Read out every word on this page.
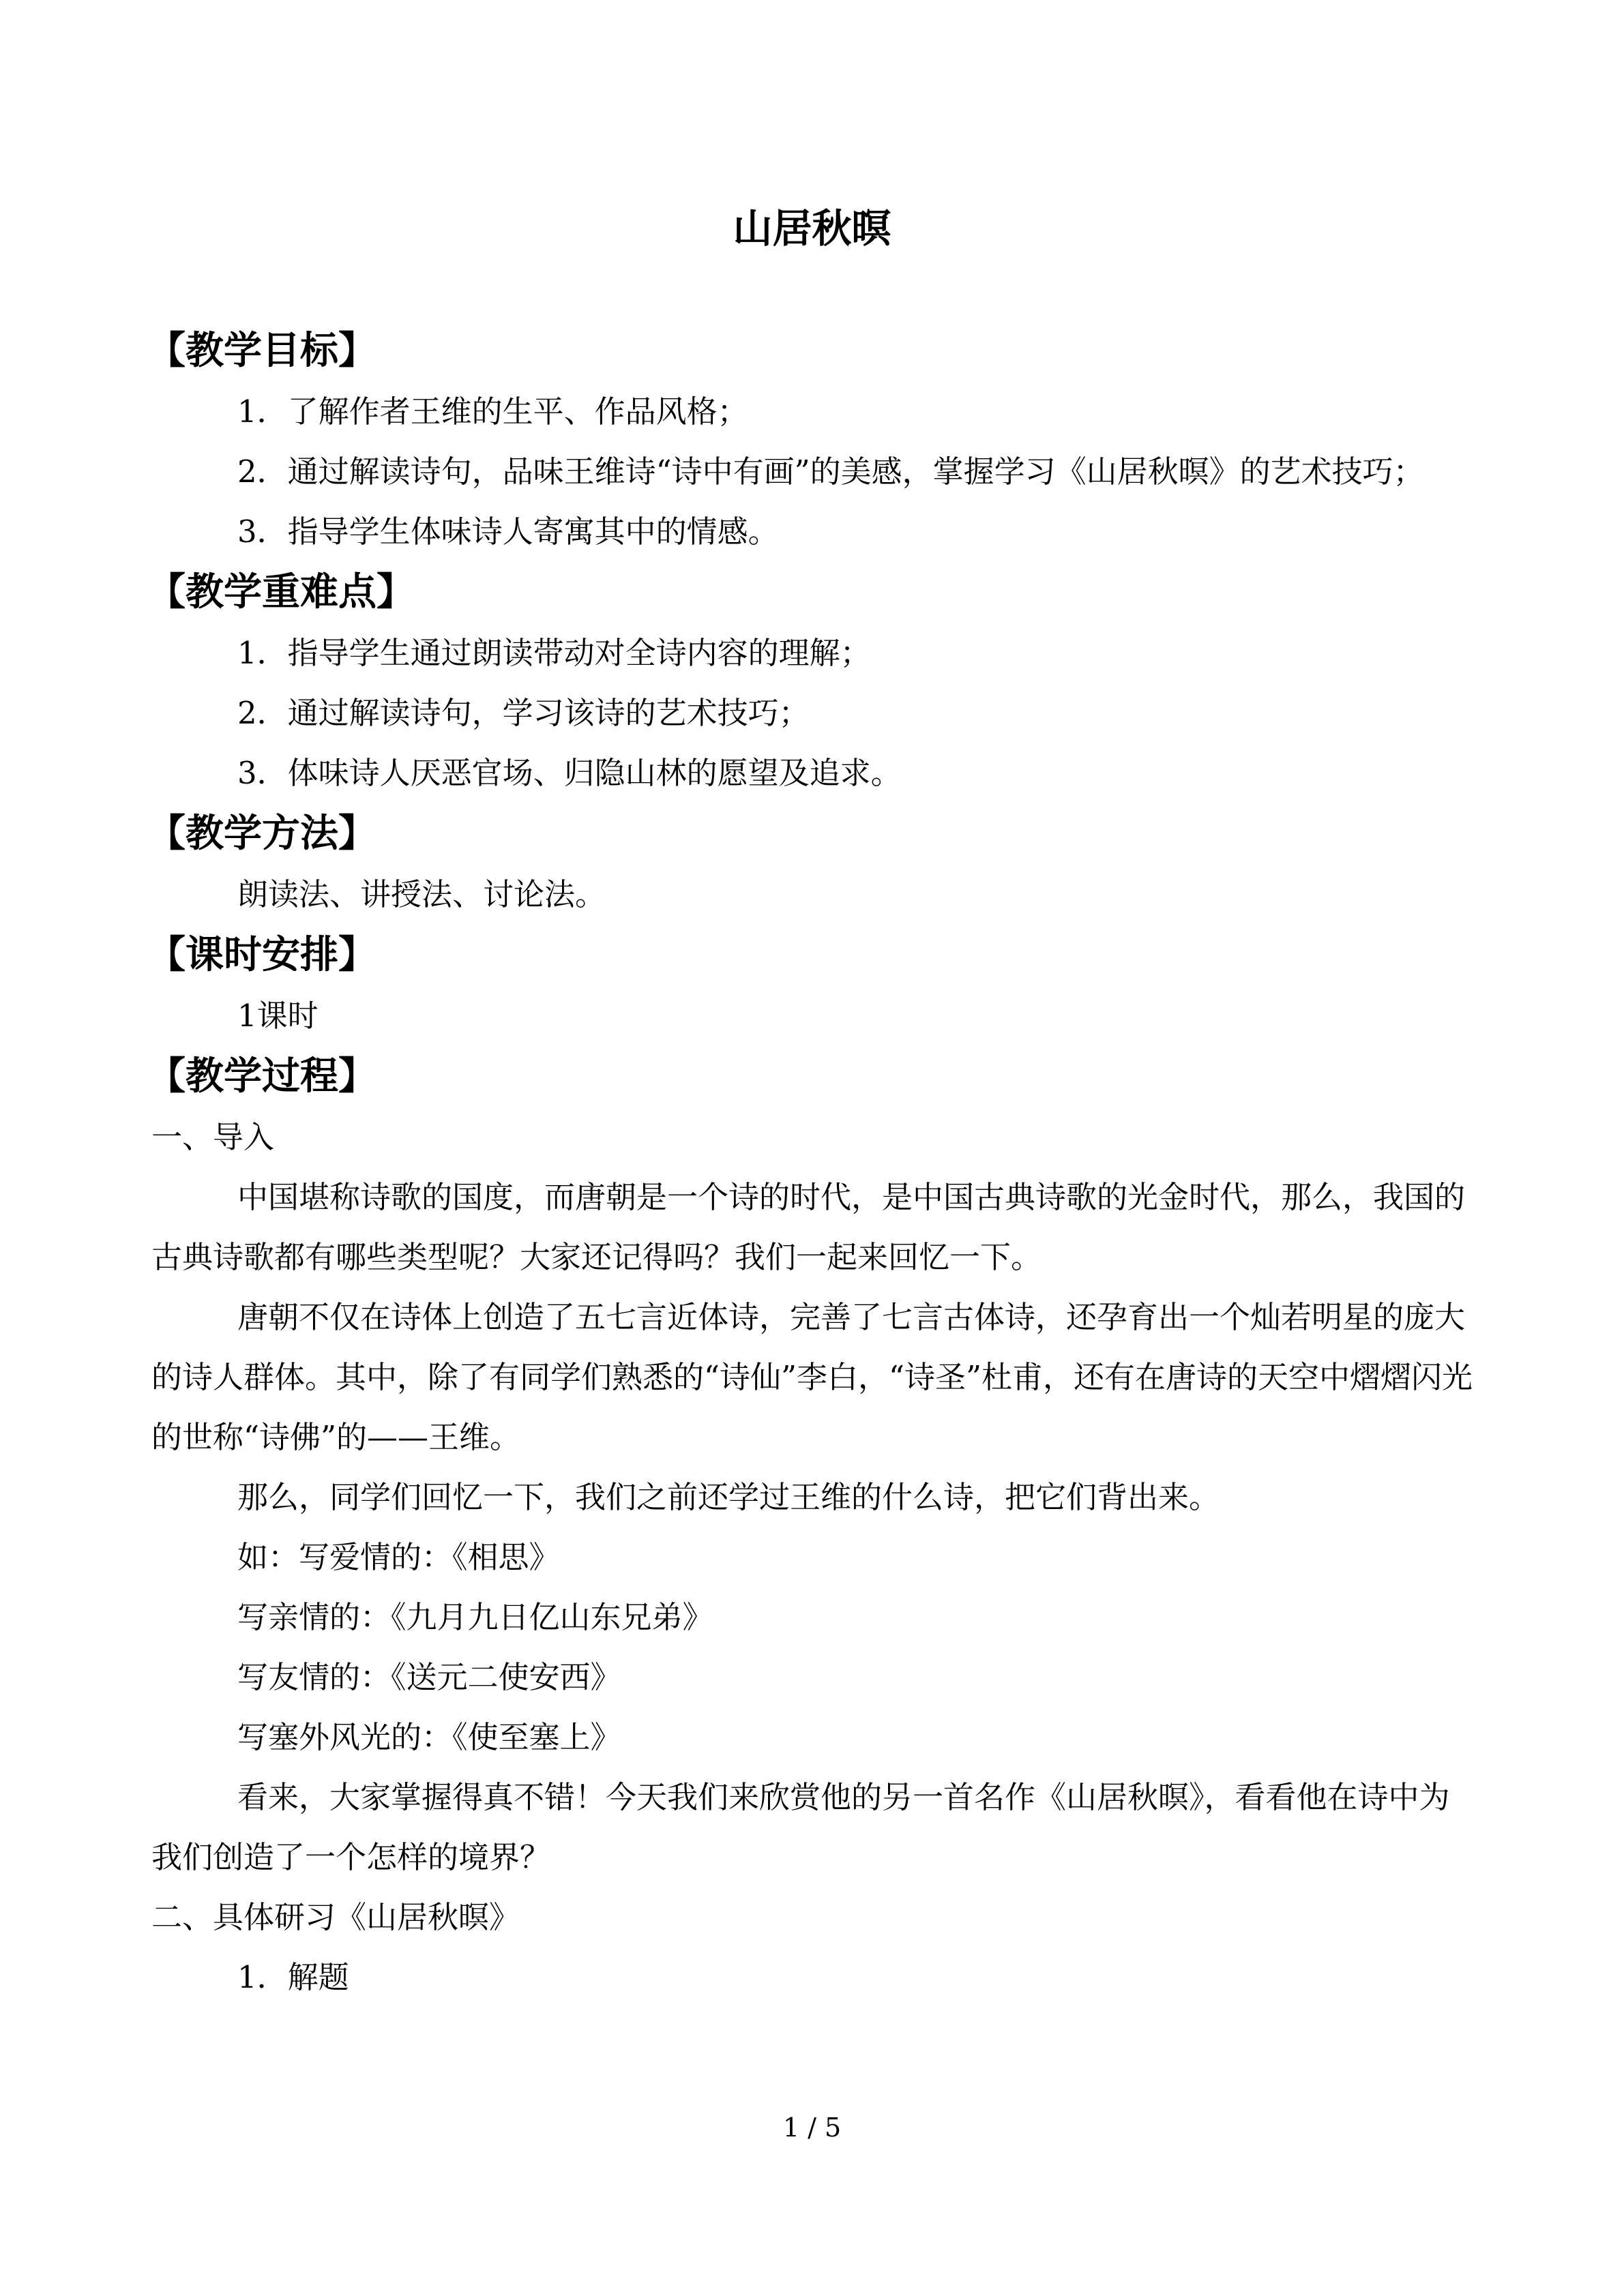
山居秋暝
【教学目标】
1．了解作者王维的生平、作品风格；
2．通过解读诗句，品味王维诗“诗中有画”的美感，掌握学习《山居秋暝》的艺术技巧；
3．指导学生体味诗人寄寓其中的情感。
【教学重难点】
1．指导学生通过朗读带动对全诗内容的理解；
2．通过解读诗句，学习该诗的艺术技巧；
3．体味诗人厌恶官场、归隐山林的愿望及追求。
【教学方法】
朗读法、讲授法、讨论法。
【课时安排】
1课时
【教学过程】
一、导入
中国堪称诗歌的国度，而唐朝是一个诗的时代，是中国古典诗歌的光金时代，那么，我国的古典诗歌都有哪些类型呢？大家还记得吗？我们一起来回忆一下。
唐朝不仅在诗体上创造了五七言近体诗，完善了七言古体诗，还孕育出一个灿若明星的庞大的诗人群体。其中，除了有同学们熟悉的“诗仙”李白，“诗圣”杜甫，还有在唐诗的天空中熠熠闪光的世称“诗佛”的——王维。
那么，同学们回忆一下，我们之前还学过王维的什么诗，把它们背出来。
如：写爱情的：《相思》
写亲情的：《九月九日亿山东兄弟》
写友情的：《送元二使安西》
写塞外风光的：《使至塞上》
看来，大家掌握得真不错！今天我们来欣赏他的另一首名作《山居秋暝》，看看他在诗中为我们创造了一个怎样的境界？
二、具体研习《山居秋暝》
1．解题
1 / 5
